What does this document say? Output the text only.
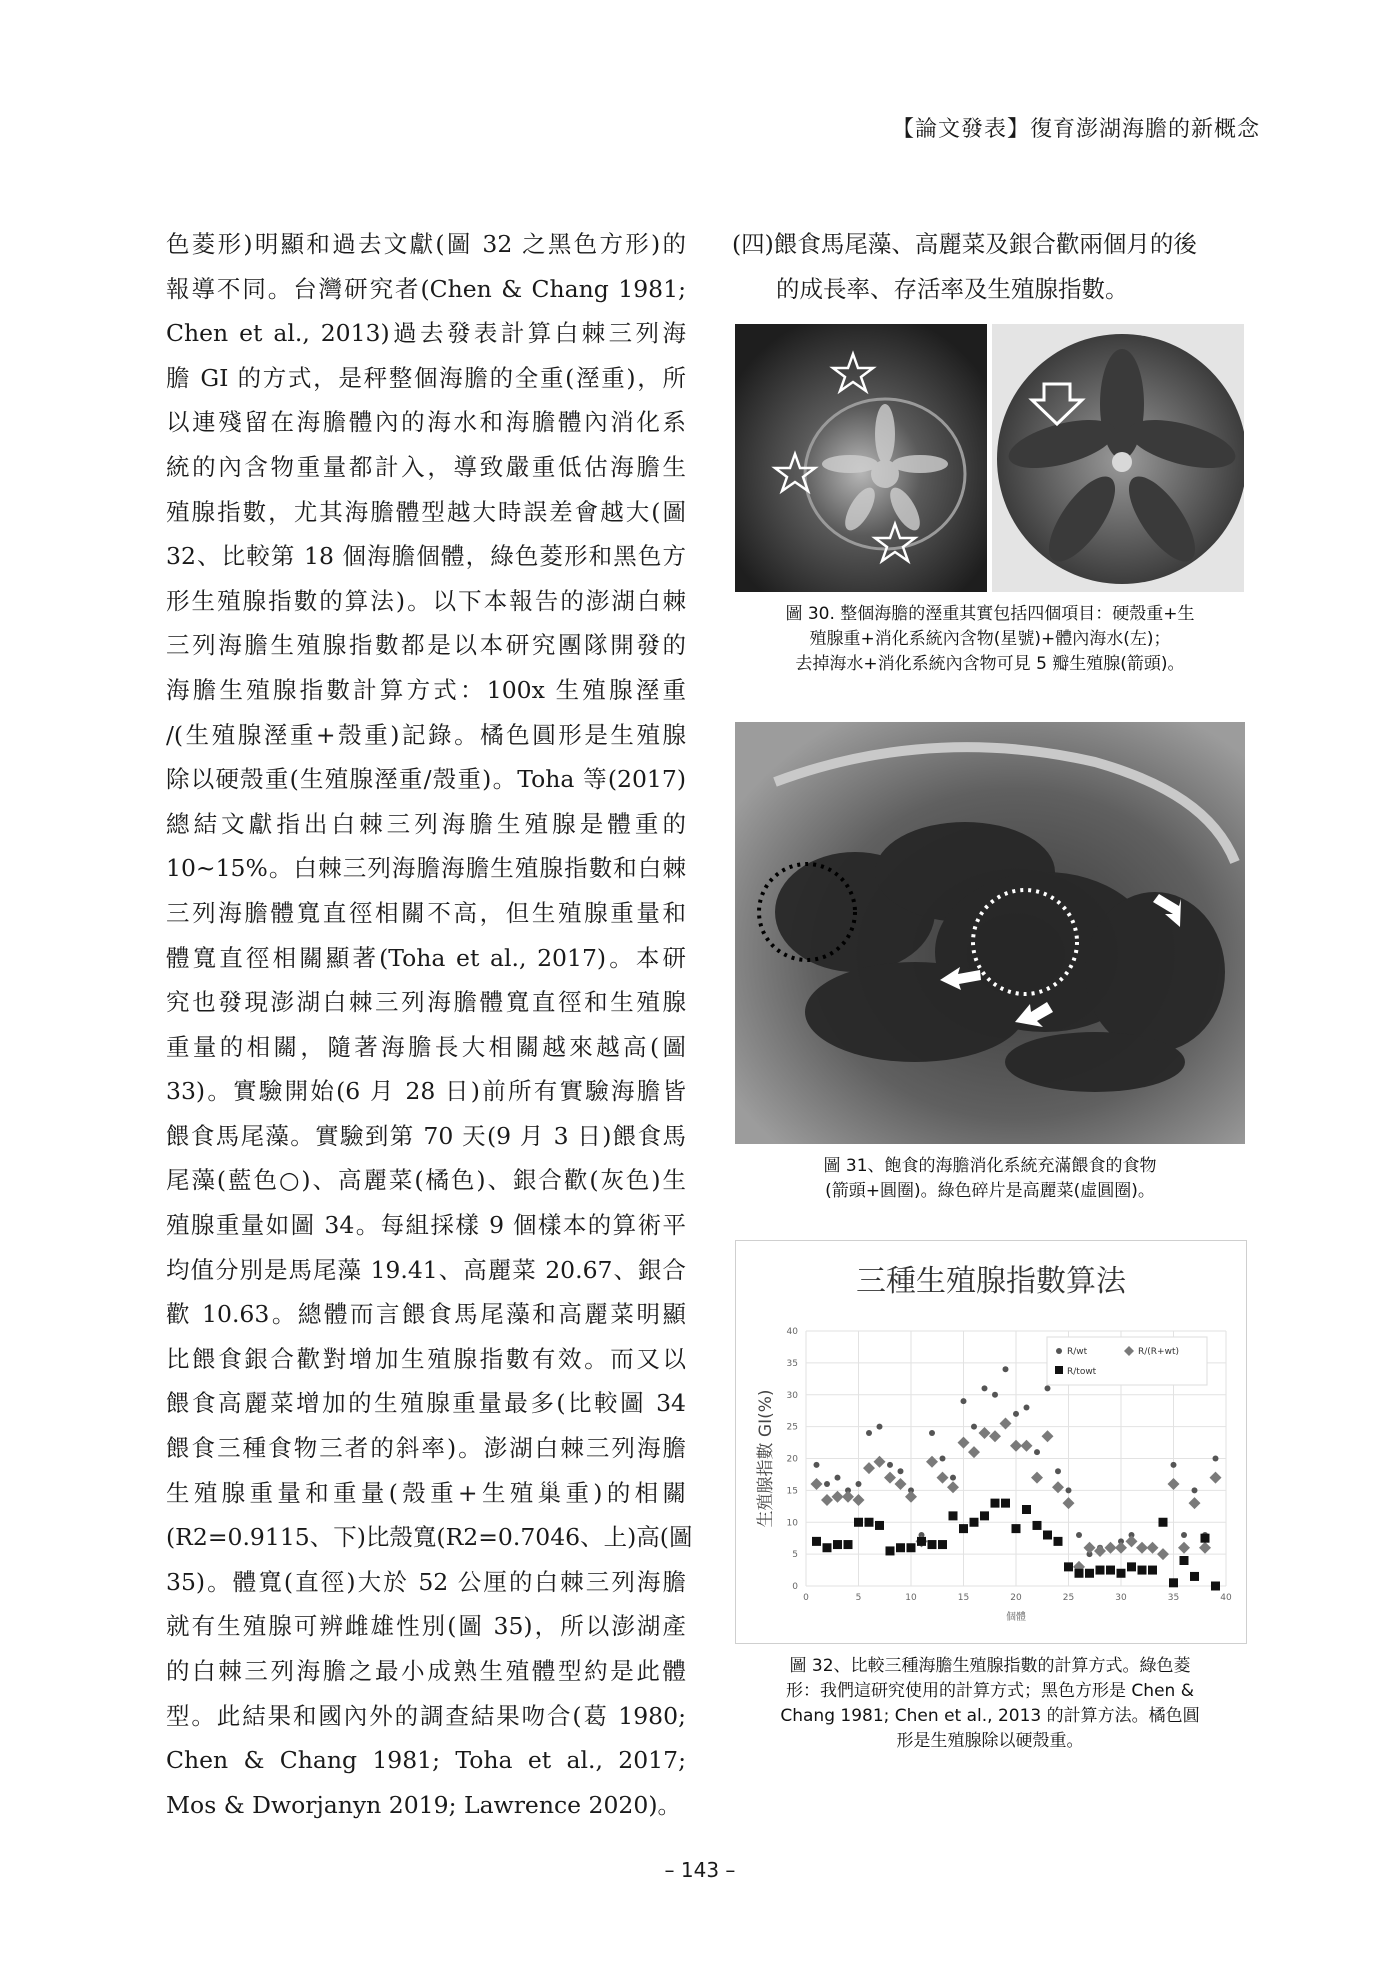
【論文發表】復育澎湖海膽的新概念

色菱形)明顯和過去文獻(圖 32 之黑色方形)的
報導不同。台灣研究者(Chen & Chang 1981;
Chen et al., 2013)過去發表計算白棘三列海
膽 GI 的方式，是秤整個海膽的全重(溼重)，所
以連殘留在海膽體內的海水和海膽體內消化系
統的內含物重量都計入，導致嚴重低估海膽生
殖腺指數，尤其海膽體型越大時誤差會越大(圖
32、比較第 18 個海膽個體，綠色菱形和黑色方
形生殖腺指數的算法)。以下本報告的澎湖白棘
三列海膽生殖腺指數都是以本研究團隊開發的
海膽生殖腺指數計算方式：100x 生殖腺溼重
/(生殖腺溼重+殼重)記錄。橘色圓形是生殖腺
除以硬殼重(生殖腺溼重/殼重)。Toha 等(2017)
總結文獻指出白棘三列海膽生殖腺是體重的
10~15%。白棘三列海膽海膽生殖腺指數和白棘
三列海膽體寬直徑相關不高，但生殖腺重量和
體寬直徑相關顯著(Toha et al., 2017)。本研
究也發現澎湖白棘三列海膽體寬直徑和生殖腺
重量的相關，隨著海膽長大相關越來越高(圖
33)。實驗開始(6 月 28 日)前所有實驗海膽皆
餵食馬尾藻。實驗到第 70 天(9 月 3 日)餵食馬
尾藻(藍色○)、高麗菜(橘色)、銀合歡(灰色)生
殖腺重量如圖 34。每組採樣 9 個樣本的算術平
均值分別是馬尾藻 19.41、高麗菜 20.67、銀合
歡 10.63。總體而言餵食馬尾藻和高麗菜明顯
比餵食銀合歡對增加生殖腺指數有效。而又以
餵食高麗菜增加的生殖腺重量最多(比較圖 34
餵食三種食物三者的斜率)。澎湖白棘三列海膽
生殖腺重量和重量(殼重+生殖巢重)的相關
(R2=0.9115、下)比殼寬(R2=0.7046、上)高(圖
35)。體寬(直徑)大於 52 公厘的白棘三列海膽
就有生殖腺可辨雌雄性別(圖 35)，所以澎湖產
的白棘三列海膽之最小成熟生殖體型約是此體
型。此結果和國內外的調查結果吻合(葛 1980;
Chen & Chang 1981; Toha et al., 2017;
Mos & Dworjanyn 2019; Lawrence 2020)。

(四)餵食馬尾藻、高麗菜及銀合歡兩個月的後
的成長率、存活率及生殖腺指數。

圖 30. 整個海膽的溼重其實包括四個項目：硬殼重+生
殖腺重+消化系統內含物(星號)+體內海水(左)；
去掉海水+消化系統內含物可見 5 瓣生殖腺(箭頭)。
圖 31、飽食的海膽消化系統充滿餵食的食物
(箭頭+圓圈)。綠色碎片是高麗菜(虛圓圈)。
三種生殖腺指數算法
0
5
10
15
20
25
30
35
40
0	5	10	15	20	25	30	35	40
個體
生殖腺指數 GI(%)
R/wt	R/(R+wt)
R/towt
圖 32、比較三種海膽生殖腺指數的計算方式。綠色菱
形：我們這研究使用的計算方式；黑色方形是 Chen &
Chang 1981; Chen et al., 2013 的計算方法。橘色圓
形是生殖腺除以硬殼重。
– 143 –
